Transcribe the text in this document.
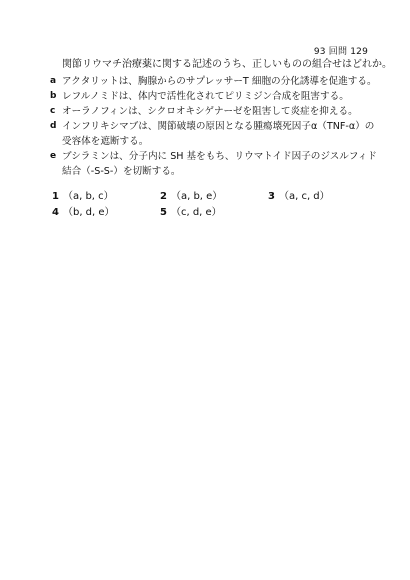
93 回問 129
関節リウマチ治療薬に関する記述のうち、正しいものの組合せはどれか。
a アクタリットは、胸腺からのサプレッサーT 細胞の分化誘導を促進する。
b レフルノミドは、体内で活性化されてピリミジン合成を阻害する。
c オーラノフィンは、シクロオキシゲナーゼを阻害して炎症を抑える。
d インフリキシマブは、関節破壊の原因となる腫瘍壊死因子α（TNF-α）の受容体を遮断する。
e ブシラミンは、分子内に SH 基をもち、リウマトイド因子のジスルフィド結合（-S-S-）を切断する。
1 （a, b, c）	2 （a, b, e）	3 （a, c, d）
4 （b, d, e）	5 （c, d, e）
